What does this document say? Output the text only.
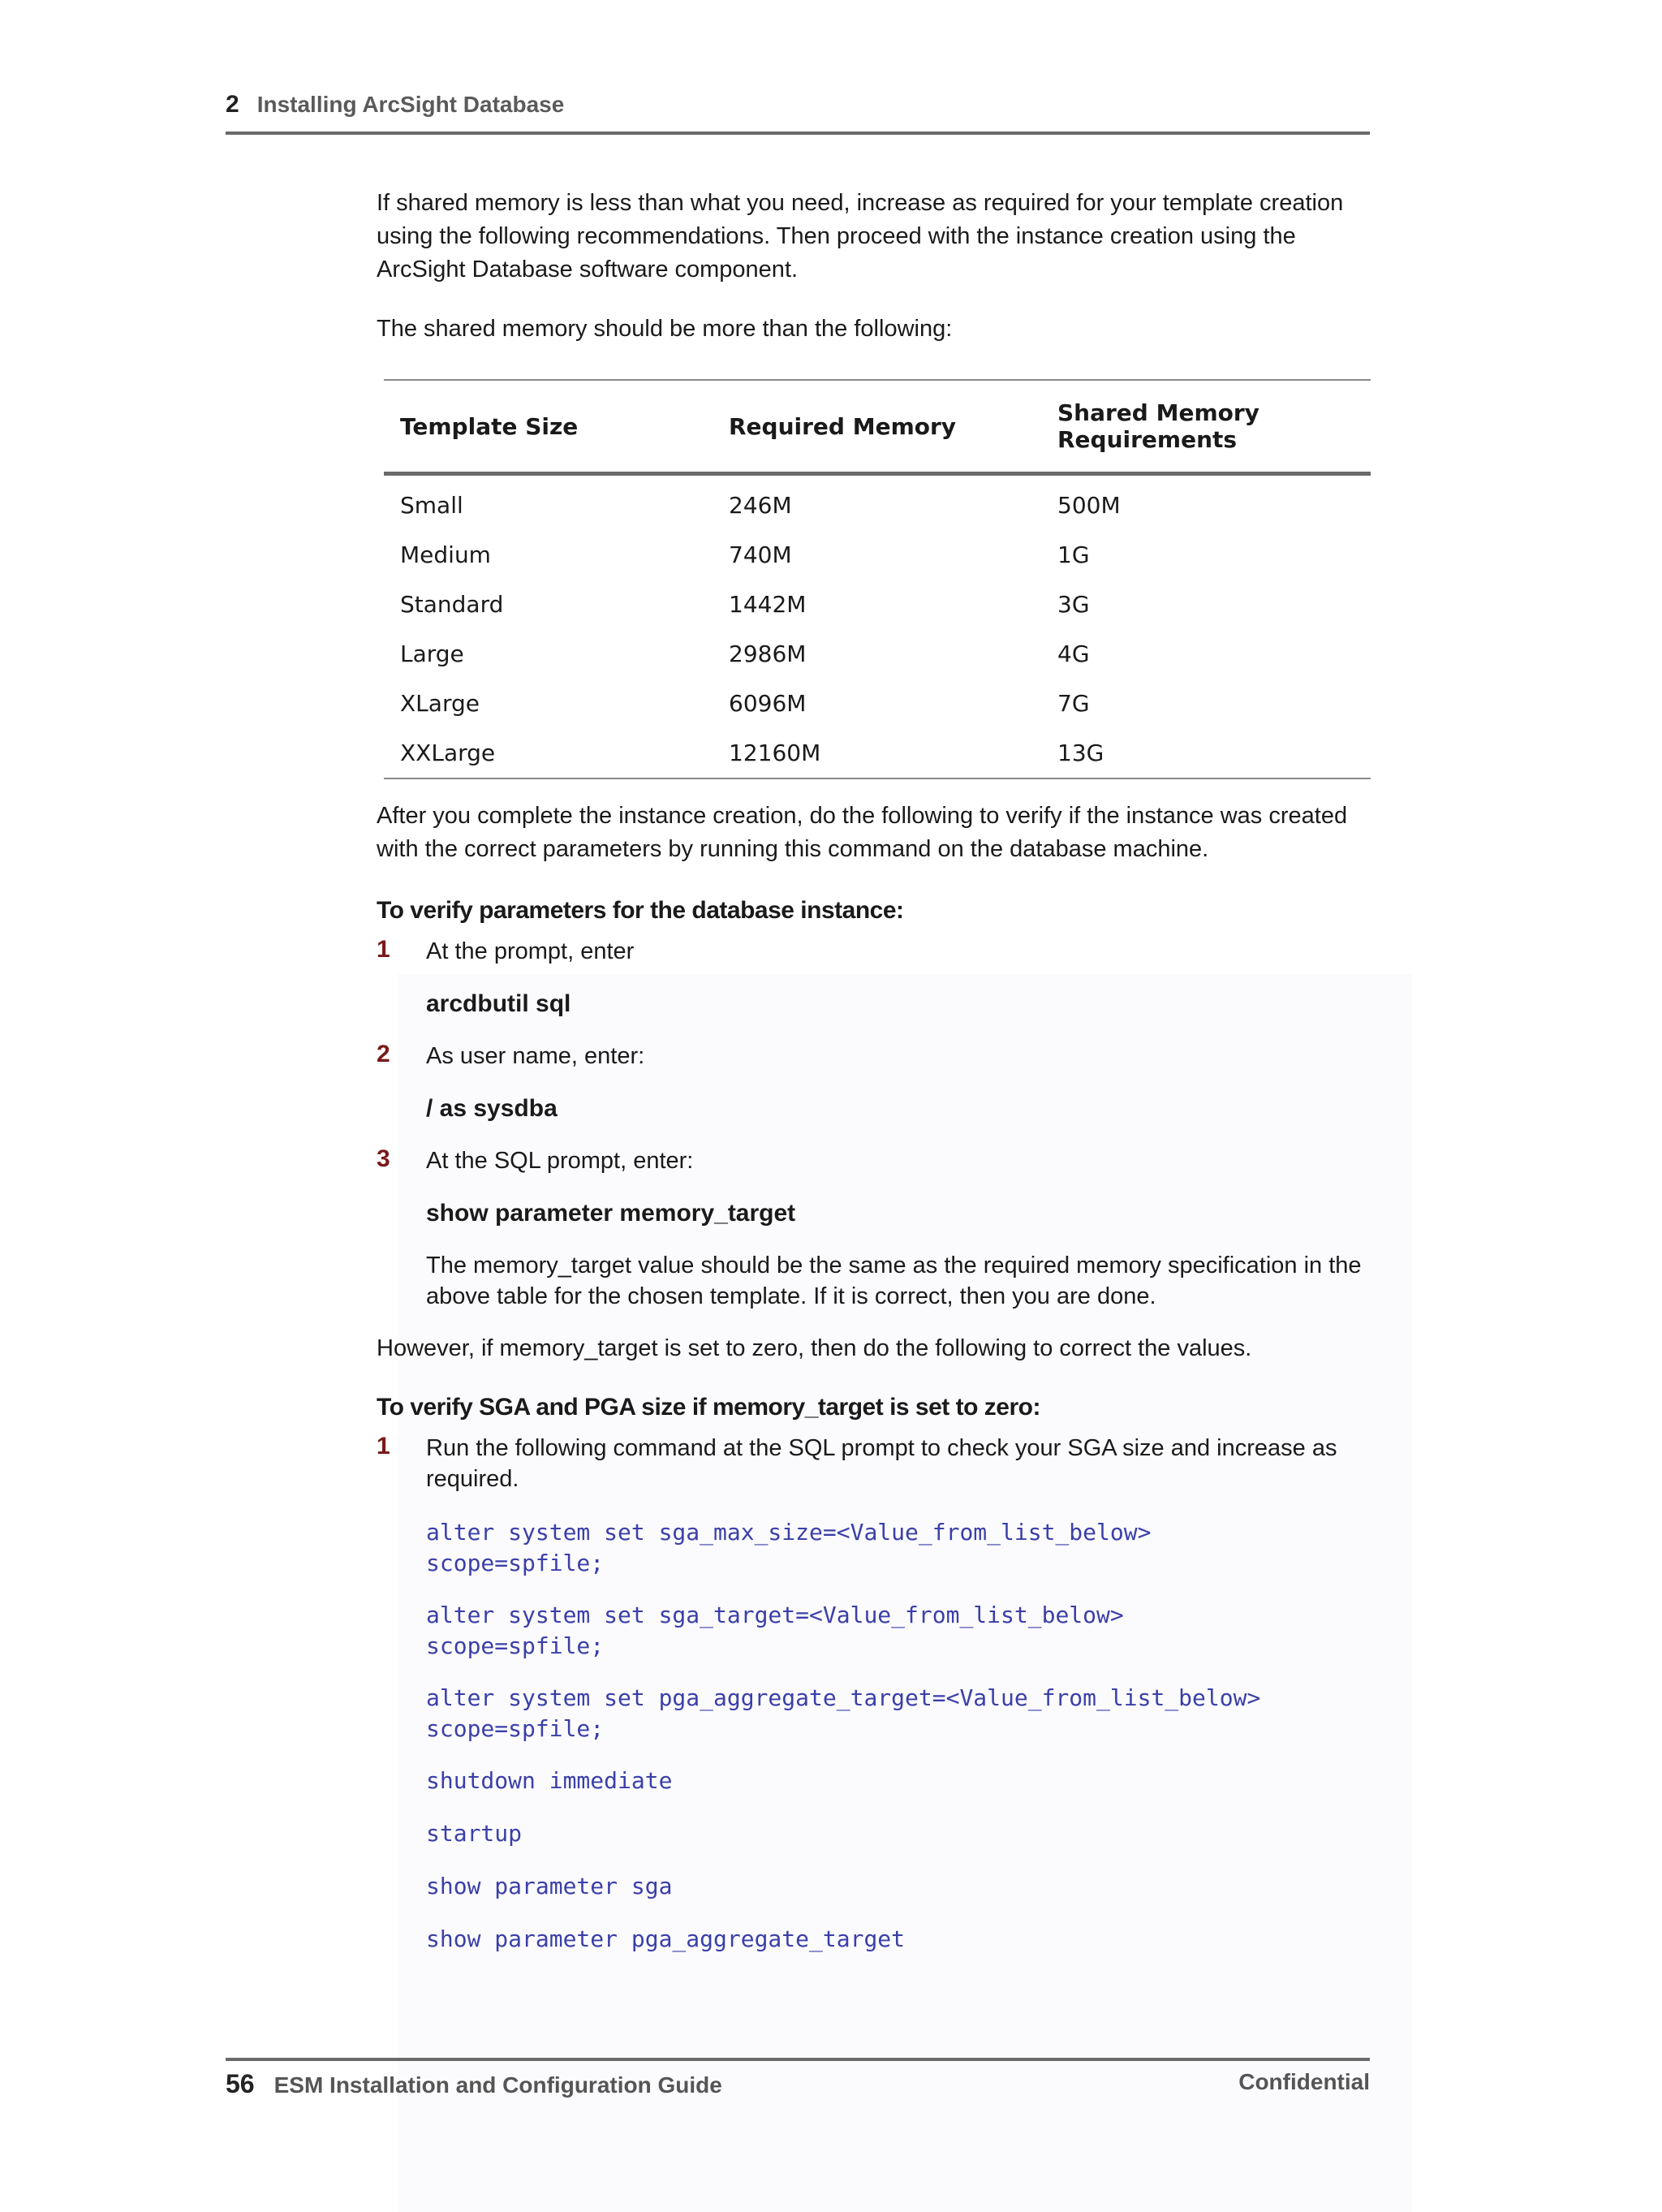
2 Installing ArcSight Database

If shared memory is less than what you need, increase as required for your template creation using the following recommendations. Then proceed with the instance creation using the ArcSight Database software component.

The shared memory should be more than the following:

Template Size	Required Memory	Shared Memory Requirements
Small	246M	500M
Medium	740M	1G
Standard	1442M	3G
Large	2986M	4G
XLarge	6096M	7G
XXLarge	12160M	13G
After you complete the instance creation, do the following to verify if the instance was created with the correct parameters by running this command on the database machine.
To verify parameters for the database instance:
1 At the prompt, enter
arcdbutil sql
2 As user name, enter:
/ as sysdba
3 At the SQL prompt, enter:
show parameter memory_target
The memory_target value should be the same as the required memory specification in the above table for the chosen template. If it is correct, then you are done.
However, if memory_target is set to zero, then do the following to correct the values.
To verify SGA and PGA size if memory_target is set to zero:
1 Run the following command at the SQL prompt to check your SGA size and increase as required.
alter system set sga_max_size=<Value_from_list_below>
scope=spfile;
alter system set sga_target=<Value_from_list_below>
scope=spfile;
alter system set pga_aggregate_target=<Value_from_list_below>
scope=spfile;
shutdown immediate
startup
show parameter sga
show parameter pga_aggregate_target
56 ESM Installation and Configuration Guide	Confidential
